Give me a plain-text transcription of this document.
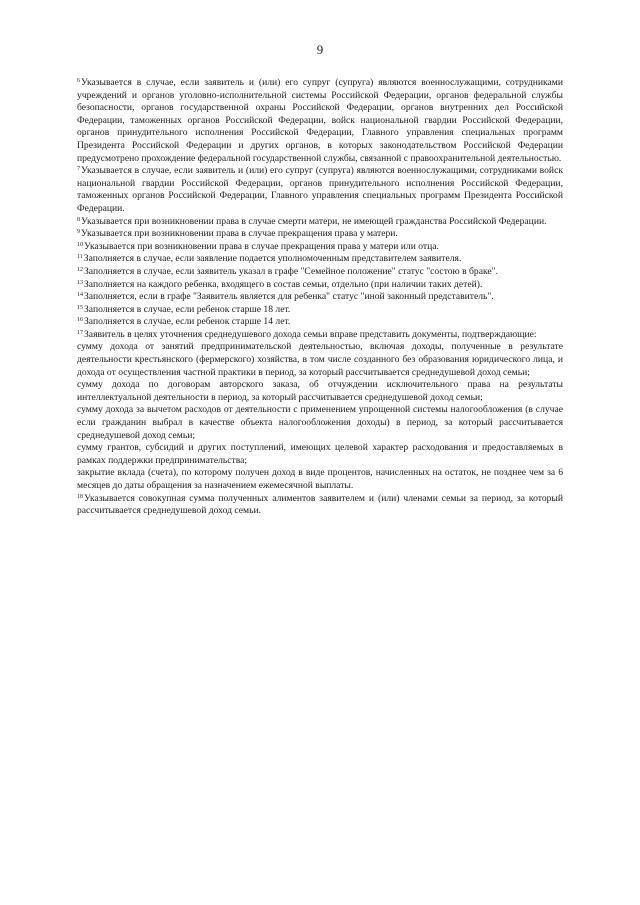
9

$^6$Указывается в случае, если заявитель и (или) его супруг (супруга) являются военнослужащими, сотрудниками учреждений и органов уголовно-исполнительной системы Российской Федерации, органов федеральной службы безопасности, органов государственной охраны Российской Федерации, органов внутренних дел Российской Федерации, таможенных органов Российской Федерации, войск национальной гвардии Российской Федерации, органов принудительного исполнения Российской Федерации, Главного управления специальных программ Президента Российской Федерации и других органов, в которых законодательством Российской Федерации предусмотрено прохождение федеральной государственной службы, связанной с правоохранительной деятельностью.

$^7$Указывается в случае, если заявитель и (или) его супруг (супруга) являются военнослужащими, сотрудниками войск национальной гвардии Российской Федерации, органов принудительного исполнения Российской Федерации, таможенных органов Российской Федерации, Главного управления специальных программ Президента Российской Федерации.

$^8$Указывается при возникновении права в случае смерти матери, не имеющей гражданства Российской Федерации.

$^9$Указывается при возникновении права в случае прекращения права у матери.

$^{10}$Указывается при возникновении права в случае прекращения права у матери или отца.

$^{11}$Заполняется в случае, если заявление подается уполномоченным представителем заявителя.

$^{12}$Заполняется в случае, если заявитель указал в графе "Семейное положение" статус "состою в браке".

$^{13}$Заполняется на каждого ребенка, входящего в состав семьи, отдельно (при наличии таких детей).

$^{14}$Заполняется, если в графе "Заявитель является для ребенка" статус "иной законный представитель".

$^{15}$Заполняется в случае, если ребенок старше 18 лет.

$^{16}$Заполняется в случае, если ребенок старше 14 лет.

$^{17}$Заявитель в целях уточнения среднедушевого дохода семьи вправе представить документы, подтверждающие:

сумму дохода от занятий предпринимательской деятельностью, включая доходы, полученные в результате деятельности крестьянского (фермерского) хозяйства, в том числе созданного без образования юридического лица, и дохода от осуществления частной практики в период, за который рассчитывается среднедушевой доход семьи;

сумму дохода по договорам авторского заказа, об отчуждении исключительного права на результаты интеллектуальной деятельности в период, за который рассчитывается среднедушевой доход семьи;

сумму дохода за вычетом расходов от деятельности с применением упрощенной системы налогообложения (в случае если гражданин выбрал в качестве объекта налогообложения доходы) в период, за который рассчитывается среднедушевой доход семьи;

сумму грантов, субсидий и других поступлений, имеющих целевой характер расходования и предоставляемых в рамках поддержки предпринимательства;

закрытие вклада (счета), по которому получен доход в виде процентов, начисленных на остаток, не позднее чем за 6 месяцев до даты обращения за назначением ежемесячной выплаты.

$^{18}$Указывается совокупная сумма полученных алиментов заявителем и (или) членами семьи за период, за который рассчитывается среднедушевой доход семьи.
